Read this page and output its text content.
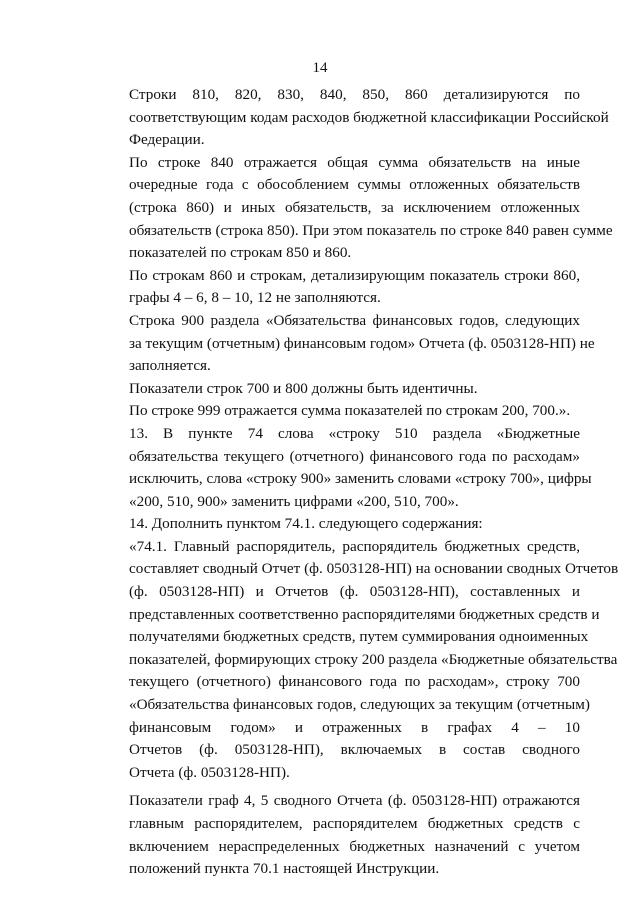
14

Строки 810, 820, 830, 840, 850, 860 детализируются по
соответствующим кодам расходов бюджетной классификации Российской
Федерации.

По строке 840 отражается общая сумма обязательств на иные
очередные года с обособлением суммы отложенных обязательств
(строка 860) и иных обязательств, за исключением отложенных
обязательств (строка 850). При этом показатель по строке 840 равен сумме
показателей по строкам 850 и 860.

По строкам 860 и строкам, детализирующим показатель строки 860,
графы 4 – 6, 8 – 10, 12 не заполняются.

Строка 900 раздела «Обязательства финансовых годов, следующих
за текущим (отчетным) финансовым годом» Отчета (ф. 0503128-НП) не
заполняется.

Показатели строк 700 и 800 должны быть идентичны.

По строке 999 отражается сумма показателей по строкам 200, 700.».

13. В пункте 74 слова «строку 510 раздела «Бюджетные
обязательства текущего (отчетного) финансового года по расходам»
исключить, слова «строку 900» заменить словами «строку 700», цифры
«200, 510, 900» заменить цифрами «200, 510, 700».

14. Дополнить пунктом 74.1. следующего содержания:

«74.1. Главный распорядитель, распорядитель бюджетных средств,
составляет сводный Отчет (ф. 0503128-НП) на основании сводных Отчетов
(ф. 0503128-НП) и Отчетов (ф. 0503128-НП), составленных и
представленных соответственно распорядителями бюджетных средств и
получателями бюджетных средств, путем суммирования одноименных
показателей, формирующих строку 200 раздела «Бюджетные обязательства
текущего (отчетного) финансового года по расходам», строку 700
«Обязательства финансовых годов, следующих за текущим (отчетным)
финансовым годом» и отраженных в графах 4 – 10
Отчетов (ф. 0503128-НП), включаемых в состав сводного
Отчета (ф. 0503128-НП).

Показатели граф 4, 5 сводного Отчета (ф. 0503128-НП) отражаются
главным распорядителем, распорядителем бюджетных средств с
включением нераспределенных бюджетных назначений с учетом
положений пункта 70.1 настоящей Инструкции.
